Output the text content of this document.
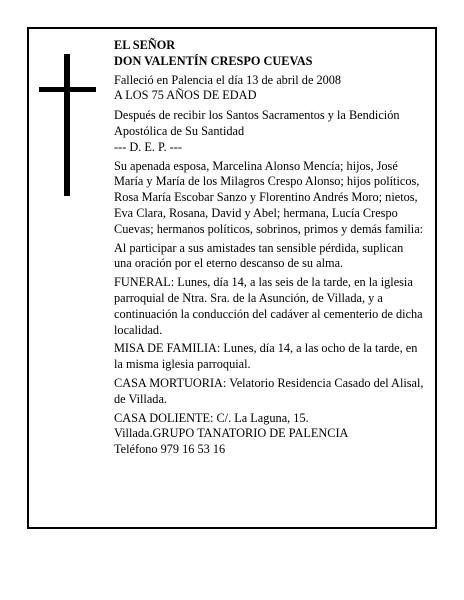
EL SEÑOR

DON VALENTÍN CRESPO CUEVAS

Falleció en Palencia el día 13 de abril de 2008

A LOS 75 AÑOS DE EDAD

Después de recibir los Santos Sacramentos y la Bendición Apostólica de Su Santidad

--- D. E. P. ---

Su apenada esposa, Marcelina Alonso Mencía; hijos, José María y María de los Milagros Crespo Alonso; hijos políticos, Rosa María Escobar Sanzo y Florentino Andrés Moro; nietos, Eva Clara, Rosana, David y Abel; hermana, Lucía Crespo Cuevas; hermanos políticos, sobrinos, primos y demás familia:

Al participar a sus amistades tan sensible pérdida, suplican una oración por el eterno descanso de su alma.

FUNERAL: Lunes, día 14, a las seis de la tarde, en la iglesia parroquial de Ntra. Sra. de la Asunción, de Villada, y a continuación la conducción del cadáver al cementerio de dicha localidad.

MISA DE FAMILIA: Lunes, día 14, a las ocho de la tarde, en la misma iglesia parroquial.

CASA MORTUORIA: Velatorio Residencia Casado del Alisal, de Villada.

CASA DOLIENTE: C/. La Laguna, 15.

Villada.GRUPO TANATORIO DE PALENCIA

Teléfono 979 16 53 16
